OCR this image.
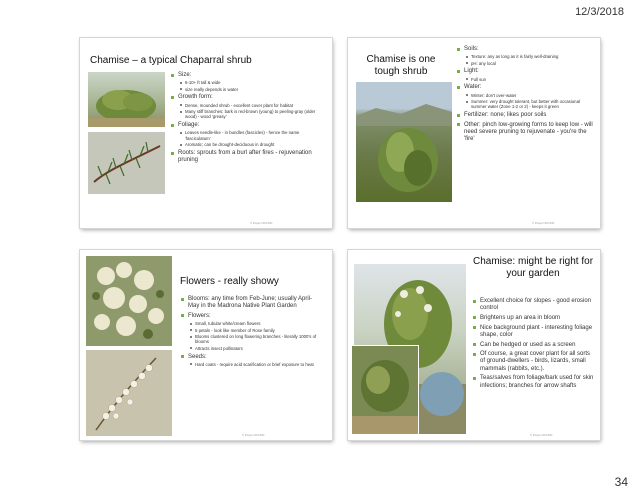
12/3/2018
Chamise – a typical Chaparral shrub
Size:
6-10+ ft tall & wide
size really depends in water
Growth form:
Dense, mounded shrub - excellent cover plant for habitat
Many stiff branches; bark is red-brown (young) to peeling-gray (older wood) - wood 'greasy'
Foliage:
Leaves needle-like - in bundles (fascicles) - hence the name 'fasciculatum'
Aromatic; can be drought-deciduous in drought
Roots: sprouts from a burl after fires - rejuvenation pruning
© Project SOUND
Chamise is one tough shrub
Soils:
Texture: any as long as it is fairly well-draining
pH: any local
Light:
Full sun
Water:
Winter: don't over-water
Summer: very drought tolerant, but better with occasional summer water (Zone 1-2 or 2) - keeps it green
Fertilizer: none; likes poor soils
Other: pinch low-growing forms to keep low - will need severe pruning to rejuvenate - you're the 'fire'
© Project SOUND
Flowers - really showy
Blooms: any time from Feb-June; usually April-May in the Madrona Native Plant Garden
Flowers:
Small, tubular white/cream flowers
5 petals - look like member of Rose family
Blooms clustered on long flowering branches - literally 1000's of blooms
Attracts insect pollinators
Seeds:
Hard coats - require acid scarification or brief exposure to heat
© Project SOUND
Chamise: might be right for your garden
Excellent choice for slopes - good erosion control
Brightens up an area in bloom
Nice background plant - interesting foliage shape, color
Can be hedged or used as a screen
Of course, a great cover plant for all sorts of ground-dwellers - birds, lizards, small mammals (rabbits, etc.).
Teas/salves from foliage/bark used for skin infections; branches for arrow shafts
© Project SOUND
34
